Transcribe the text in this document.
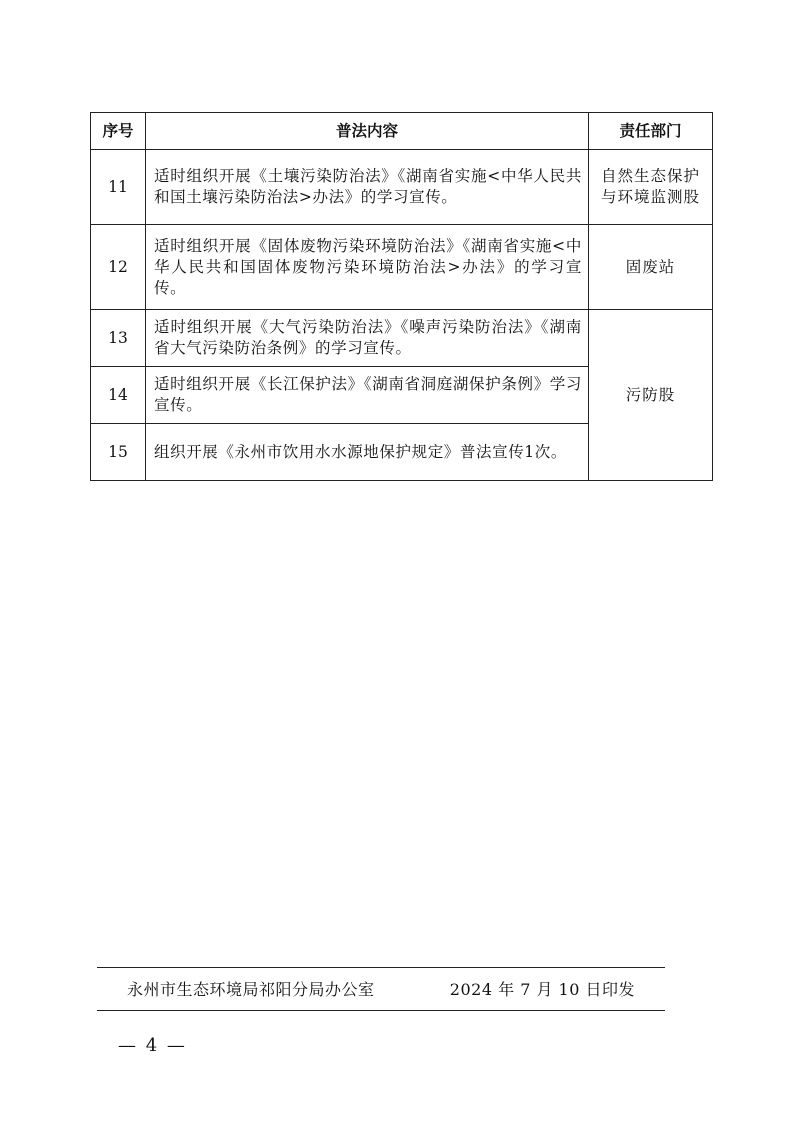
序号	普法内容	责任部门
11	适时组织开展《土壤污染防治法》《湖南省实施<中华人民共和国土壤污染防治法>办法》的学习宣传。	自然生态保护与环境监测股
12	适时组织开展《固体废物污染环境防治法》《湖南省实施<中华人民共和国固体废物污染环境防治法>办法》的学习宣传。	固废站
13	适时组织开展《大气污染防治法》《噪声污染防治法》《湖南省大气污染防治条例》的学习宣传。	污防股
14	适时组织开展《长江保护法》《湖南省洞庭湖保护条例》学习宣传。	
15	组织开展《永州市饮用水水源地保护规定》普法宣传1次。	
永州市生态环境局祁阳分局办公室	2024 年 7 月 10 日印发
— 4 —
